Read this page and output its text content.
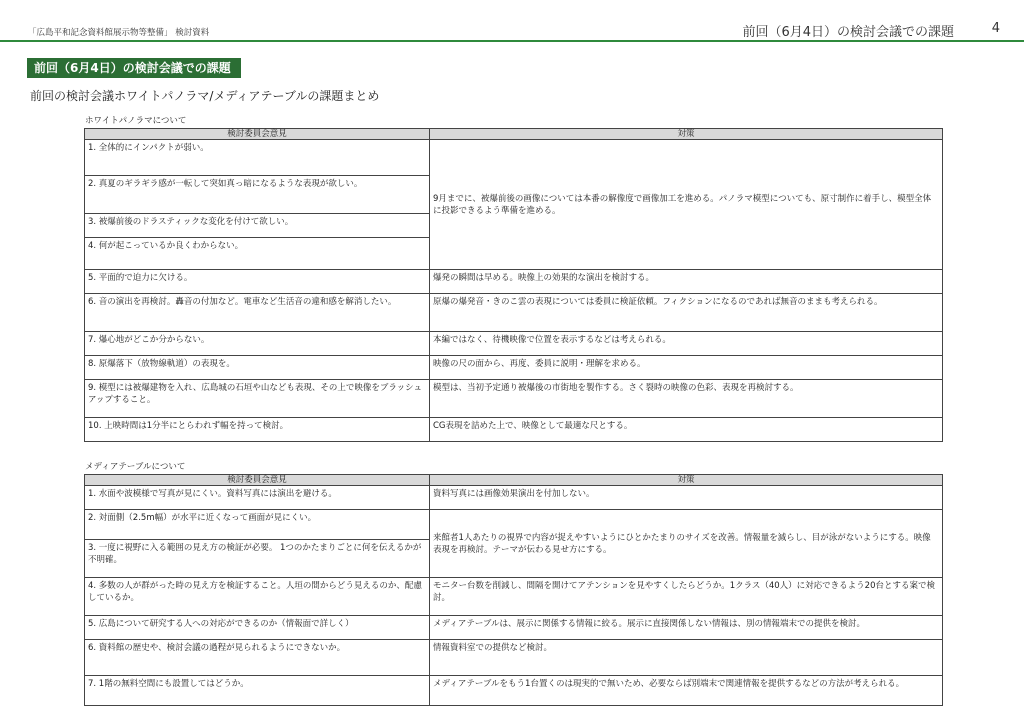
「広島平和記念資料館展示物等整備」 検討資料	前回（6月4日）の検討会議での課題	4
前回（6月4日）の検討会議での課題
前回の検討会議ホワイトパノラマ/メディアテーブルの課題まとめ
ホワイトパノラマについて
検討委員会意見	対策
1. 全体的にインパクトが弱い。	9月までに、被爆前後の画像については本番の解像度で画像加工を進める。パノラマ模型についても、原寸制作に着手し、模型全体に投影できるよう準備を進める。
2. 真夏のギラギラ感が一転して突如真っ暗になるような表現が欲しい。	
3. 被爆前後のドラスティックな変化を付けて欲しい。	
4. 何が起こっているか良くわからない。	
5. 平面的で迫力に欠ける。	爆発の瞬間は早める。映像上の効果的な演出を検討する。
6. 音の演出を再検討。轟音の付加など。電車など生活音の違和感を解消したい。	原爆の爆発音・きのこ雲の表現については委員に検証依頼。フィクションになるのであれば無音のままも考えられる。
7. 爆心地がどこか分からない。	本編ではなく、待機映像で位置を表示するなどは考えられる。
8. 原爆落下（放物線軌道）の表現を。	映像の尺の面から、再度、委員に説明・理解を求める。
9. 模型には被爆建物を入れ、広島城の石垣や山なども表現、その上で映像をブラッシュアップすること。	模型は、当初予定通り被爆後の市街地を製作する。さく裂時の映像の色彩、表現を再検討する。
10. 上映時間は1分半にとらわれず幅を持って検討。	CG表現を詰めた上で、映像として最適な尺とする。
メディアテーブルについて
検討委員会意見	対策
1. 水面や波模様で写真が見にくい。資料写真には演出を避ける。	資料写真には画像効果演出を付加しない。
2. 対面側（2.5m幅）が水平に近くなって画面が見にくい。	来館者1人あたりの視界で内容が捉えやすいようにひとかたまりのサイズを改善。情報量を減らし、目が泳がないようにする。映像表現を再検討。テーマが伝わる見せ方にする。
3. 一度に視野に入る範囲の見え方の検証が必要。 1つのかたまりごとに何を伝えるかが不明確。	
4. 多数の人が群がった時の見え方を検証すること。人垣の間からどう見えるのか、配慮しているか。	モニター台数を削減し、間隔を開けてアテンションを見やすくしたらどうか。1クラス（40人）に対応できるよう20台とする案で検討。
5. 広島について研究する人への対応ができるのか（情報面で詳しく）	メディアテーブルは、展示に関係する情報に絞る。展示に直接関係しない情報は、別の情報端末での提供を検討。
6. 資料館の歴史や、検討会議の過程が見られるようにできないか。	情報資料室での提供など検討。
7. 1階の無料空間にも設置してはどうか。	メディアテーブルをもう1台置くのは現実的で無いため、必要ならば別端末で関連情報を提供するなどの方法が考えられる。
